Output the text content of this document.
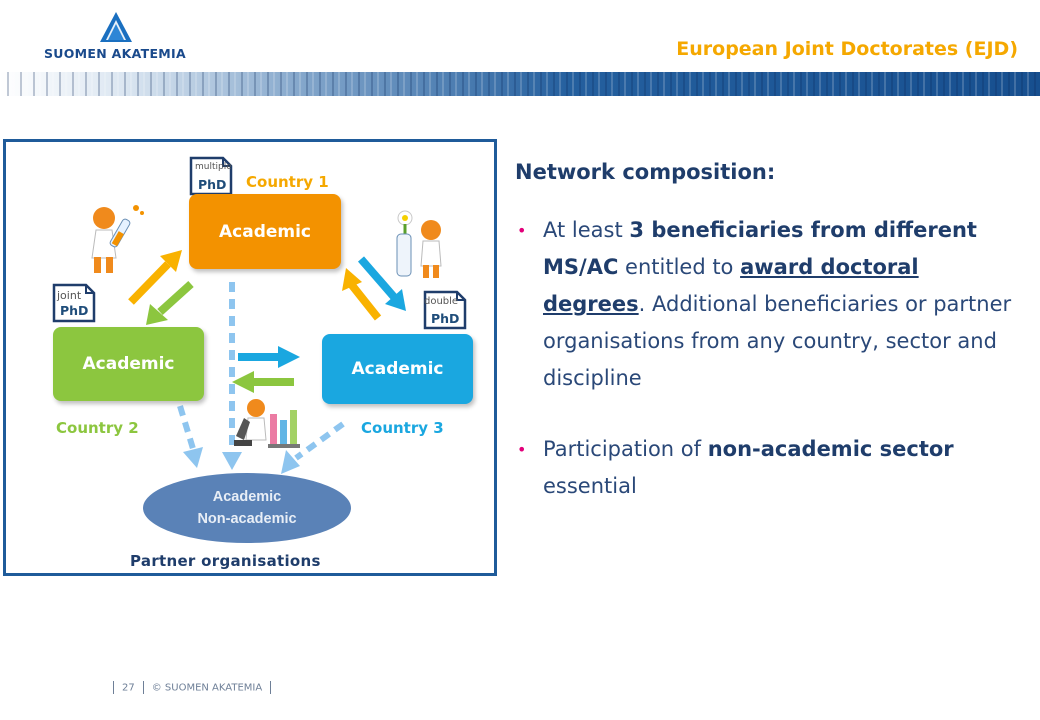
SUOMEN AKATEMIA	European Joint Doctorates (EJD)
multiple
PhD
joint
PhD
double
PhD
Academic
Academic	Academic
Country 1
Country 2	Country 3
Academic
Non-academic
Partner organisations

Network composition:

• At least 3 beneficiaries from different MS/AC entitled to award doctoral degrees. Additional beneficiaries or partner organisations from any country, sector and discipline
• Participation of non-academic sector essential
27 © SUOMEN AKATEMIA
